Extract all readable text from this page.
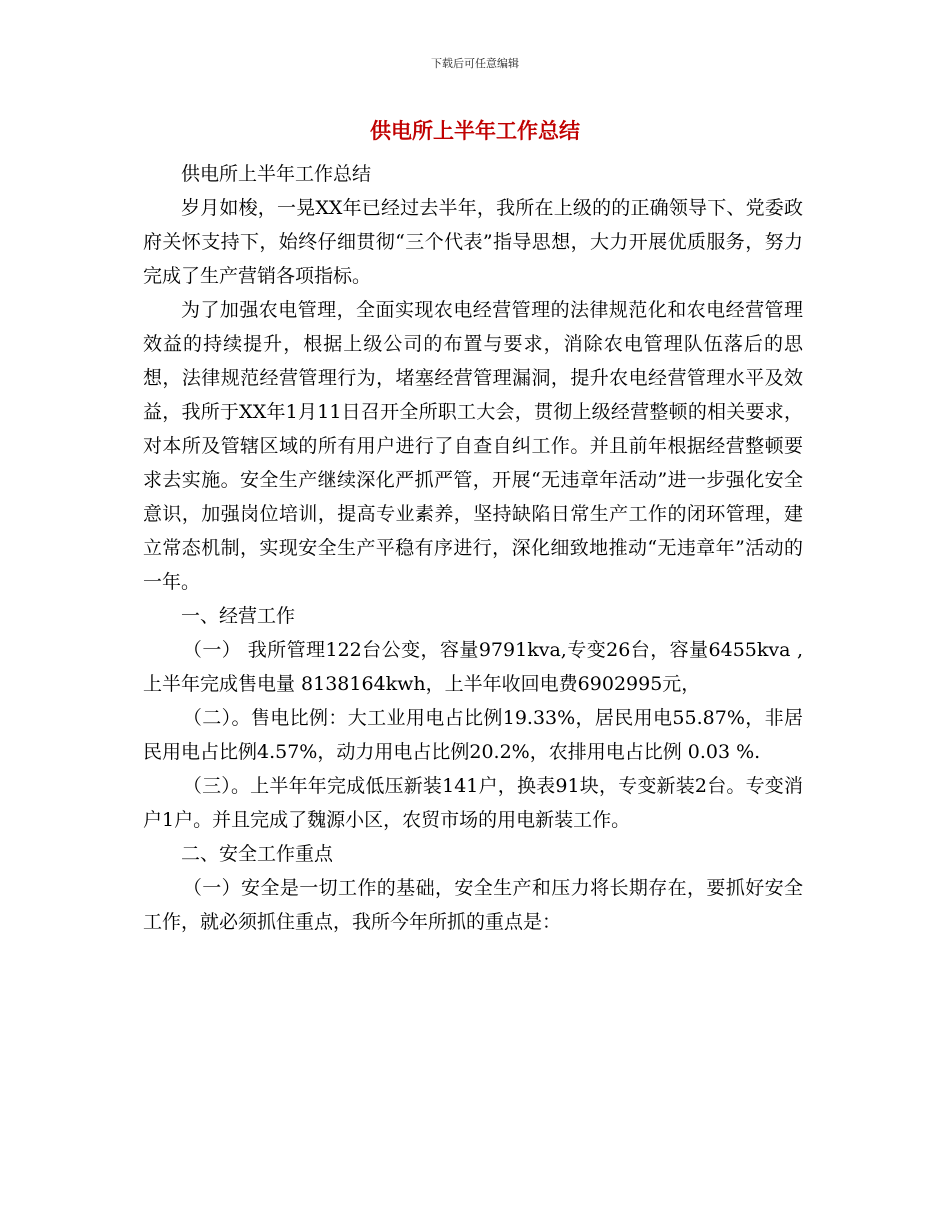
下载后可任意编辑
供电所上半年工作总结

供电所上半年工作总结

岁月如梭，一晃XX年已经过去半年，我所在上级的的正确领导下、党委政府关怀支持下，始终仔细贯彻“三个代表”指导思想，大力开展优质服务，努力完成了生产营销各项指标。

为了加强农电管理，全面实现农电经营管理的法律规范化和农电经营管理效益的持续提升，根据上级公司的布置与要求，消除农电管理队伍落后的思想，法律规范经营管理行为，堵塞经营管理漏洞，提升农电经营管理水平及效益，我所于XX年1月11日召开全所职工大会，贯彻上级经营整顿的相关要求，对本所及管辖区域的所有用户进行了自查自纠工作。并且前年根据经营整顿要求去实施。安全生产继续深化严抓严管，开展“无违章年活动”进一步强化安全意识，加强岗位培训，提高专业素养，坚持缺陷日常生产工作的闭环管理，建立常态机制，实现安全生产平稳有序进行，深化细致地推动“无违章年”活动的一年。

一、经营工作

（一） 我所管理122台公变，容量9791kva,专变26台，容量6455kva ,上半年完成售电量 8138164kwh，上半年收回电费6902995元，

（二）。售电比例：大工业用电占比例19.33%，居民用电55.87%，非居民用电占比例4.57%，动力用电占比例20.2%，农排用电占比例 0.03 %.

（三）。上半年年完成低压新装141户，换表91块，专变新装2台。专变消户1户。并且完成了魏源小区，农贸市场的用电新装工作。

二、安全工作重点

（一）安全是一切工作的基础，安全生产和压力将长期存在，要抓好安全工作，就必须抓住重点，我所今年所抓的重点是：
